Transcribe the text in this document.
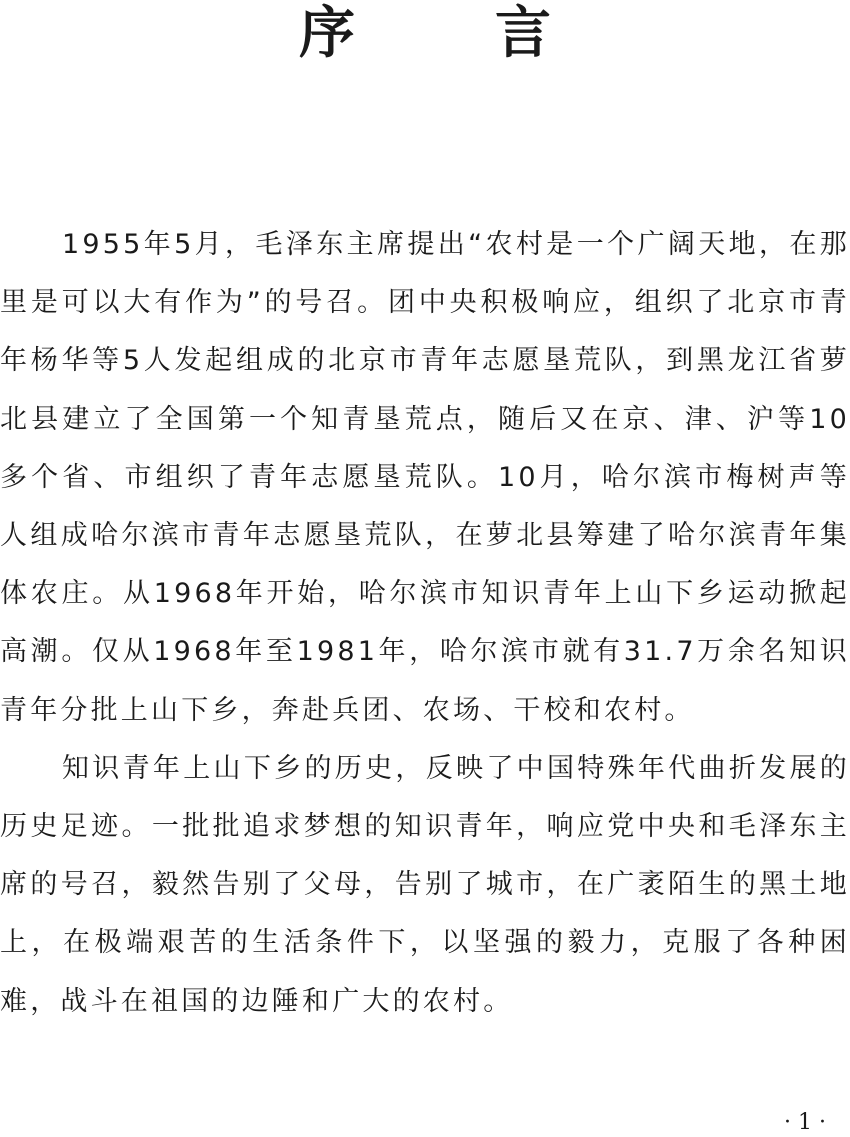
序　言

1955年5月，毛泽东主席提出“农村是一个广阔天地，在那里是可以大有作为”的号召。团中央积极响应，组织了北京市青年杨华等5人发起组成的北京市青年志愿垦荒队，到黑龙江省萝北县建立了全国第一个知青垦荒点，随后又在京、津、沪等10多个省、市组织了青年志愿垦荒队。10月，哈尔滨市梅树声等人组成哈尔滨市青年志愿垦荒队，在萝北县筹建了哈尔滨青年集体农庄。从1968年开始，哈尔滨市知识青年上山下乡运动掀起高潮。仅从1968年至1981年，哈尔滨市就有31.7万余名知识青年分批上山下乡，奔赴兵团、农场、干校和农村。

知识青年上山下乡的历史，反映了中国特殊年代曲折发展的历史足迹。一批批追求梦想的知识青年，响应党中央和毛泽东主席的号召，毅然告别了父母，告别了城市，在广袤陌生的黑土地上，在极端艰苦的生活条件下，以坚强的毅力，克服了各种困难，战斗在祖国的边陲和广大的农村。

· 1 ·
